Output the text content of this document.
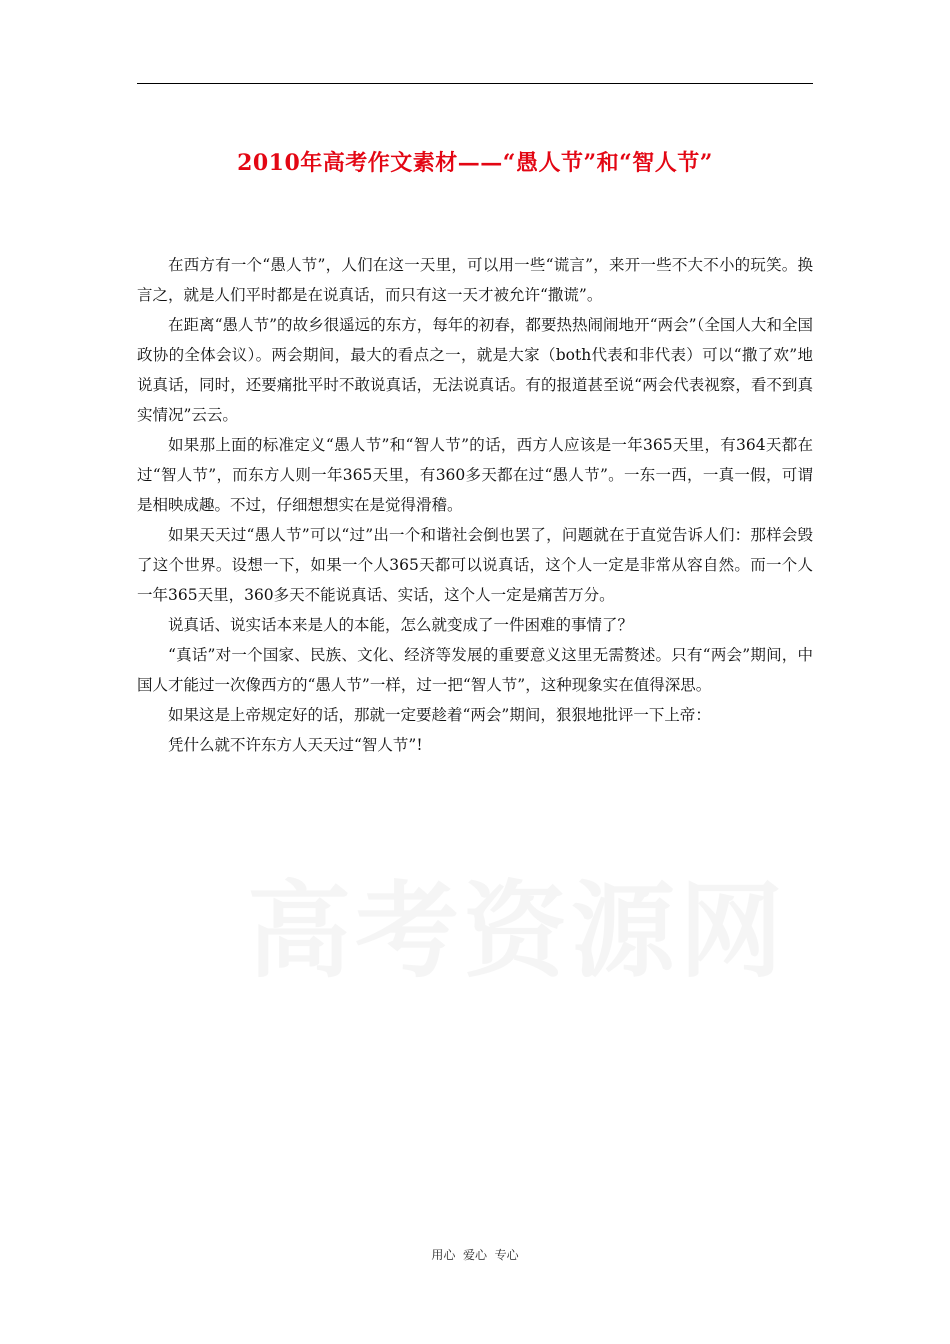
2010年高考作文素材——“愚人节”和“智人节”

在西方有一个“愚人节”，人们在这一天里，可以用一些“谎言”，来开一些不大不小的玩笑。换言之，就是人们平时都是在说真话，而只有这一天才被允许“撒谎”。

在距离“愚人节”的故乡很遥远的东方，每年的初春，都要热热闹闹地开“两会”（全国人大和全国政协的全体会议）。两会期间，最大的看点之一，就是大家（both代表和非代表）可以“撒了欢”地说真话，同时，还要痛批平时不敢说真话，无法说真话。有的报道甚至说“两会代表视察，看不到真实情况”云云。

如果那上面的标准定义“愚人节”和“智人节”的话，西方人应该是一年365天里，有364天都在过“智人节”，而东方人则一年365天里，有360多天都在过“愚人节”。一东一西，一真一假，可谓是相映成趣。不过，仔细想想实在是觉得滑稽。

如果天天过“愚人节”可以“过”出一个和谐社会倒也罢了，问题就在于直觉告诉人们：那样会毁了这个世界。设想一下，如果一个人365天都可以说真话，这个人一定是非常从容自然。而一个人一年365天里，360多天不能说真话、实话，这个人一定是痛苦万分。

说真话、说实话本来是人的本能，怎么就变成了一件困难的事情了？

“真话”对一个国家、民族、文化、经济等发展的重要意义这里无需赘述。只有“两会”期间，中国人才能过一次像西方的“愚人节”一样，过一把“智人节”，这种现象实在值得深思。

如果这是上帝规定好的话，那就一定要趁着“两会”期间，狠狠地批评一下上帝：

凭什么就不许东方人天天过“智人节”!

用心  爱心  专心
